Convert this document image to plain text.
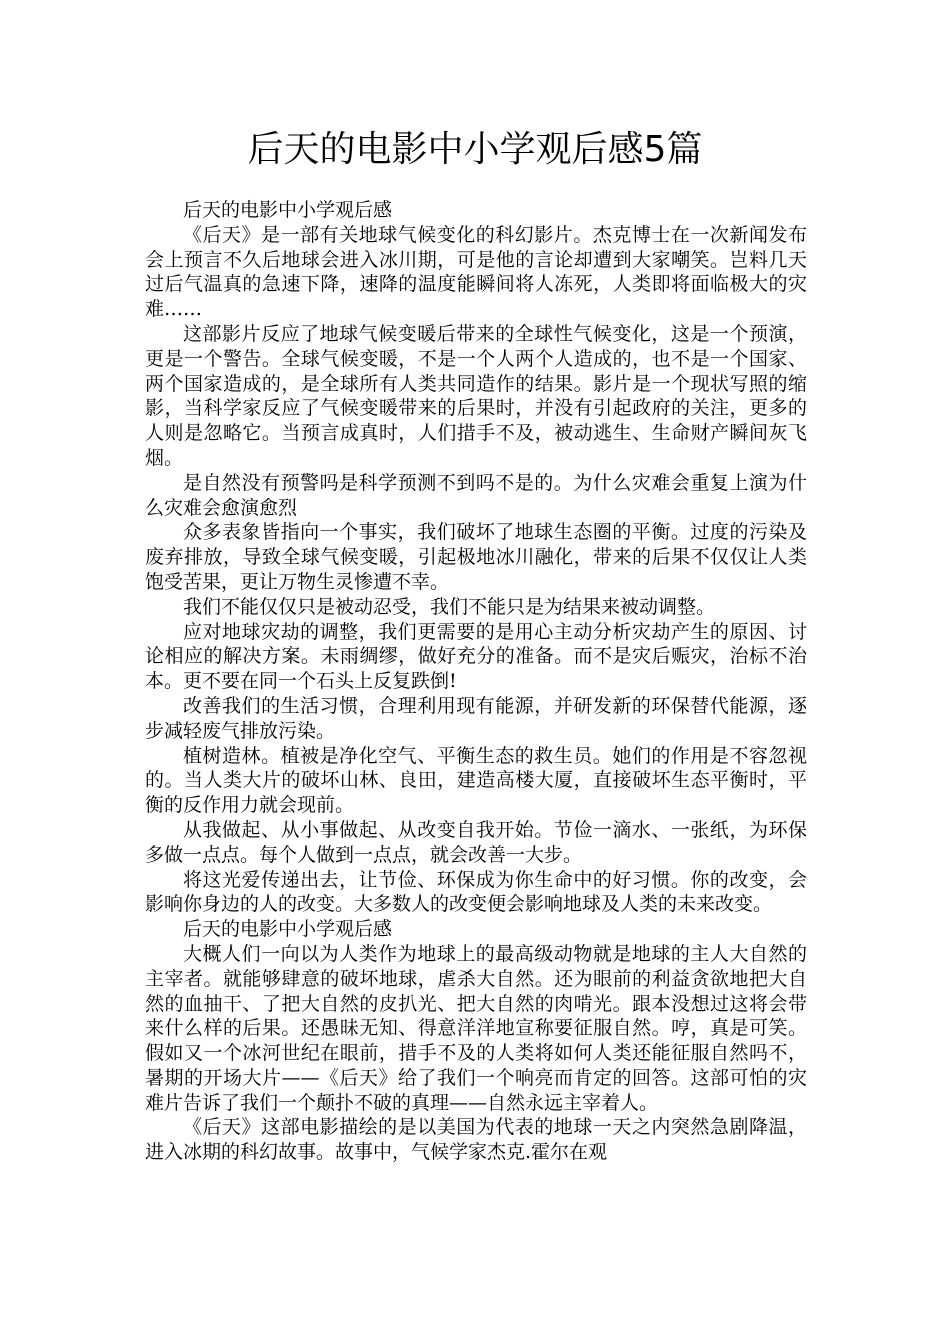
后天的电影中小学观后感5篇

后天的电影中小学观后感

《后天》是一部有关地球气候变化的科幻影片。杰克博士在一次新闻发布会上预言不久后地球会进入冰川期，可是他的言论却遭到大家嘲笑。岂料几天过后气温真的急速下降，速降的温度能瞬间将人冻死，人类即将面临极大的灾难……

这部影片反应了地球气候变暖后带来的全球性气候变化，这是一个预演，更是一个警告。全球气候变暖，不是一个人两个人造成的，也不是一个国家、两个国家造成的，是全球所有人类共同造作的结果。影片是一个现状写照的缩影，当科学家反应了气候变暖带来的后果时，并没有引起政府的关注，更多的人则是忽略它。当预言成真时，人们措手不及，被动逃生、生命财产瞬间灰飞烟。

是自然没有预警吗是科学预测不到吗不是的。为什么灾难会重复上演为什么灾难会愈演愈烈

众多表象皆指向一个事实，我们破坏了地球生态圈的平衡。过度的污染及废弃排放，导致全球气候变暖，引起极地冰川融化，带来的后果不仅仅让人类饱受苦果，更让万物生灵惨遭不幸。

我们不能仅仅只是被动忍受，我们不能只是为结果来被动调整。

应对地球灾劫的调整，我们更需要的是用心主动分析灾劫产生的原因、讨论相应的解决方案。未雨绸缪，做好充分的准备。而不是灾后赈灾，治标不治本。更不要在同一个石头上反复跌倒!

改善我们的生活习惯，合理利用现有能源，并研发新的环保替代能源，逐步减轻废气排放污染。

植树造林。植被是净化空气、平衡生态的救生员。她们的作用是不容忽视的。当人类大片的破坏山林、良田，建造高楼大厦，直接破坏生态平衡时，平衡的反作用力就会现前。

从我做起、从小事做起、从改变自我开始。节俭一滴水、一张纸，为环保多做一点点。每个人做到一点点，就会改善一大步。

将这光爱传递出去，让节俭、环保成为你生命中的好习惯。你的改变，会影响你身边的人的改变。大多数人的改变便会影响地球及人类的未来改变。

后天的电影中小学观后感

大概人们一向以为人类作为地球上的最高级动物就是地球的主人大自然的主宰者。就能够肆意的破坏地球，虐杀大自然。还为眼前的利益贪欲地把大自然的血抽干、了把大自然的皮扒光、把大自然的肉啃光。跟本没想过这将会带来什么样的后果。还愚昧无知、得意洋洋地宣称要征服自然。哼，真是可笑。假如又一个冰河世纪在眼前，措手不及的人类将如何人类还能征服自然吗不，暑期的开场大片——《后天》给了我们一个响亮而肯定的回答。这部可怕的灾难片告诉了我们一个颠扑不破的真理——自然永远主宰着人。

《后天》这部电影描绘的是以美国为代表的地球一天之内突然急剧降温，进入冰期的科幻故事。故事中，气候学家杰克.霍尔在观
